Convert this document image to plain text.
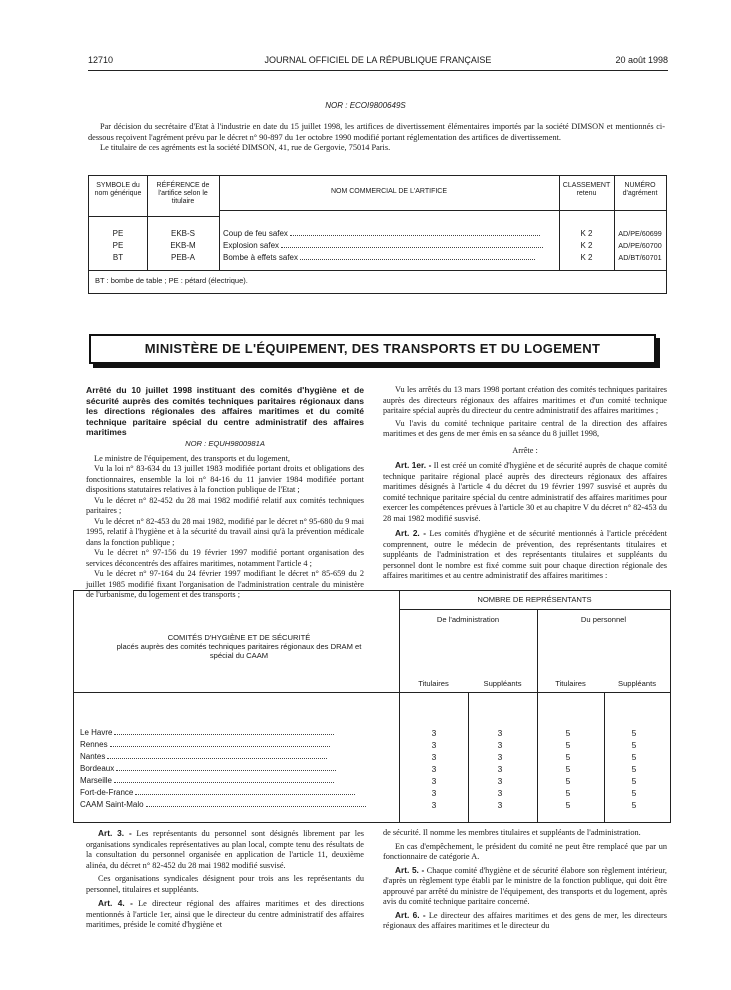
12710	JOURNAL OFFICIEL DE LA RÉPUBLIQUE FRANÇAISE	20 août 1998
NOR : ECOI9800649S
Par décision du secrétaire d'Etat à l'industrie en date du 15 juillet 1998, les artifices de divertissement élémentaires importés par la société DIMSON et mentionnés ci-dessous reçoivent l'agrément prévu par le décret n° 90-897 du 1er octobre 1990 modifié portant réglementation des artifices de divertissement.
Le titulaire de ces agréments est la société DIMSON, 41, rue de Gergovie, 75014 Paris.
SYMBOLE du nom générique
RÉFÉRENCE de l'artifice selon le titulaire
NOM COMMERCIAL DE L'ARTIFICE
CLASSEMENT retenu
NUMÉRO d'agrément
PE	EKB-S	Coup de feu safex	K 2	AD/PE/60699
PE	EKB-M	Explosion safex	K 2	AD/PE/60700
BT	PEB-A	Bombe à effets safex	K 2	AD/BT/60701
BT : bombe de table ; PE : pétard (électrique).
MINISTÈRE DE L'ÉQUIPEMENT, DES TRANSPORTS ET DU LOGEMENT
Arrêté du 10 juillet 1998 instituant des comités d'hygiène et de sécurité auprès des comités techniques paritaires régionaux dans les directions régionales des affaires maritimes et du comité technique paritaire spécial du centre administratif des affaires maritimes
NOR : EQUH9800981A
Le ministre de l'équipement, des transports et du logement,
Vu la loi n° 83-634 du 13 juillet 1983 modifiée portant droits et obligations des fonctionnaires, ensemble la loi n° 84-16 du 11 janvier 1984 modifiée portant dispositions statutaires relatives à la fonction publique de l'Etat ;
Vu le décret n° 82-452 du 28 mai 1982 modifié relatif aux comités techniques paritaires ;
Vu le décret n° 82-453 du 28 mai 1982, modifié par le décret n° 95-680 du 9 mai 1995, relatif à l'hygiène et à la sécurité du travail ainsi qu'à la prévention médicale dans la fonction publique ;
Vu le décret n° 97-156 du 19 février 1997 modifié portant organisation des services déconcentrés des affaires maritimes, notamment l'article 4 ;
Vu le décret n° 97-164 du 24 février 1997 modifiant le décret n° 85-659 du 2 juillet 1985 modifié fixant l'organisation de l'administration centrale du ministère de l'urbanisme, du logement et des transports ;
Vu les arrêtés du 13 mars 1998 portant création des comités techniques paritaires auprès des directeurs régionaux des affaires maritimes et d'un comité technique paritaire spécial auprès du directeur du centre administratif des affaires maritimes ;
Vu l'avis du comité technique paritaire central de la direction des affaires maritimes et des gens de mer émis en sa séance du 8 juillet 1998,
Arrête :
Art. 1er. - Il est créé un comité d'hygiène et de sécurité auprès de chaque comité technique paritaire régional placé auprès des directeurs régionaux des affaires maritimes désignés à l'article 4 du décret du 19 février 1997 susvisé et auprès du comité technique paritaire spécial du centre administratif des affaires maritimes pour exercer les compétences prévues à l'article 30 et au chapitre V du décret n° 82-453 du 28 mai 1982 modifié susvisé.
Art. 2. - Les comités d'hygiène et de sécurité mentionnés à l'article précédent comprennent, outre le médecin de prévention, des représentants titulaires et suppléants de l'administration et des représentants titulaires et suppléants du personnel dont le nombre est fixé comme suit pour chaque direction régionale des affaires maritimes et au centre administratif des affaires maritimes :
COMITÉS D'HYGIÈNE ET DE SÉCURITÉ
placés auprès des comités techniques paritaires régionaux des DRAM et spécial du CAAM
NOMBRE DE REPRÉSENTANTS
De l'administration	Du personnel
Titulaires	Suppléants	Titulaires	Suppléants
Le Havre	3	3	5	5
Rennes	3	3	5	5
Nantes	3	3	5	5
Bordeaux	3	3	5	5
Marseille	3	3	5	5
Fort-de-France	3	3	5	5
CAAM Saint-Malo	3	3	5	5
Art. 3. - Les représentants du personnel sont désignés librement par les organisations syndicales représentatives au plan local, compte tenu des résultats de la consultation du personnel organisée en application de l'article 11, deuxième alinéa, du décret n° 82-452 du 28 mai 1982 modifié susvisé.
Ces organisations syndicales désignent pour trois ans les représentants du personnel, titulaires et suppléants.
Art. 4. - Le directeur régional des affaires maritimes et des directions mentionnés à l'article 1er, ainsi que le directeur du centre administratif des affaires maritimes, préside le comité d'hygiène et
de sécurité. Il nomme les membres titulaires et suppléants de l'administration.
En cas d'empêchement, le président du comité ne peut être remplacé que par un fonctionnaire de catégorie A.
Art. 5. - Chaque comité d'hygiène et de sécurité élabore son règlement intérieur, d'après un règlement type établi par le ministre de la fonction publique, qui doit être approuvé par arrêté du ministre de l'équipement, des transports et du logement, après avis du comité technique paritaire concerné.
Art. 6. - Le directeur des affaires maritimes et des gens de mer, les directeurs régionaux des affaires maritimes et le directeur du
